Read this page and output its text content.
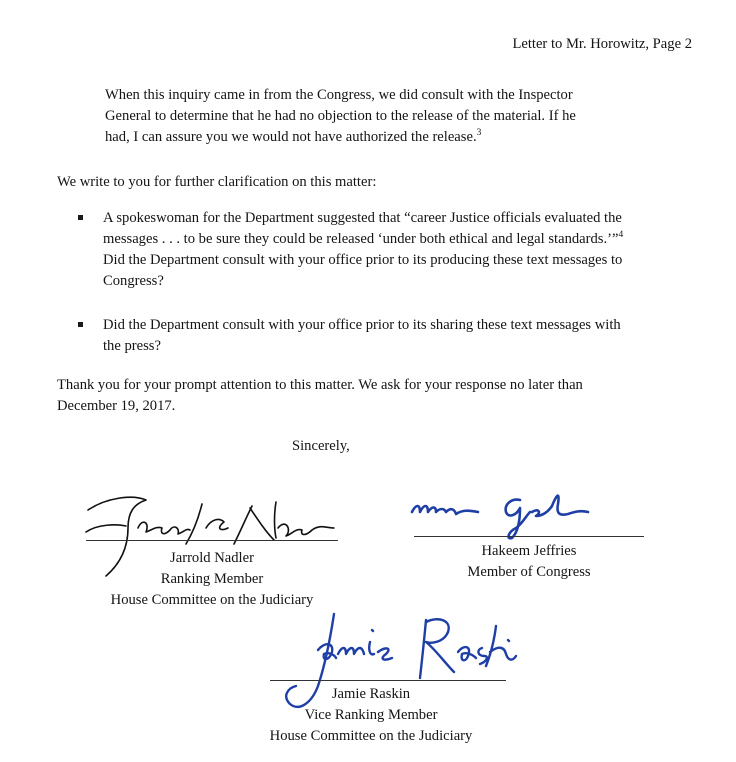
Letter to Mr. Horowitz, Page 2
When this inquiry came in from the Congress, we did consult with the Inspector
General to determine that he had no objection to the release of the material. If he
had, I can assure you we would not have authorized the release.$^3$
We write to you for further clarification on this matter:
A spokeswoman for the Department suggested that “career Justice officials evaluated the
messages . . . to be sure they could be released ‘under both ethical and legal standards.’”$^4$
Did the Department consult with your office prior to its producing these text messages to
Congress?
Did the Department consult with your office prior to its sharing these text messages with
the press?
Thank you for your prompt attention to this matter. We ask for your response no later than
December 19, 2017.
Sincerely,
Jarrold Nadler
Ranking Member
House Committee on the Judiciary
Hakeem Jeffries
Member of Congress
Jamie Raskin
Vice Ranking Member
House Committee on the Judiciary
